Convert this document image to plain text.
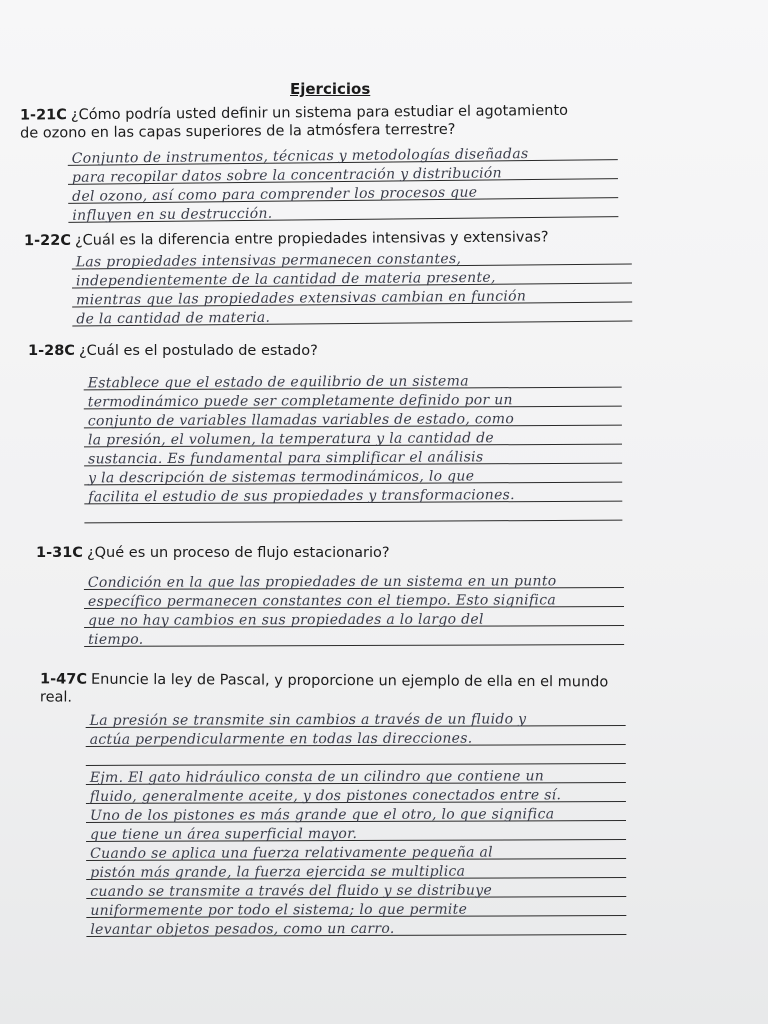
Ejercicios
1-21C ¿Cómo podría usted definir un sistema para estudiar el agotamiento
de ozono en las capas superiores de la atmósfera terrestre?
Conjunto de instrumentos, técnicas y metodologías diseñadas
para recopilar datos sobre la concentración y distribución
del ozono, así como para comprender los procesos que
influyen en su destrucción.
1-22C ¿Cuál es la diferencia entre propiedades intensivas y extensivas?
Las propiedades intensivas permanecen constantes,
independientemente de la cantidad de materia presente,
mientras que las propiedades extensivas cambian en función
de la cantidad de materia.
1-28C ¿Cuál es el postulado de estado?
Establece que el estado de equilibrio de un sistema
termodinámico puede ser completamente definido por un
conjunto de variables llamadas variables de estado, como
la presión, el volumen, la temperatura y la cantidad de
sustancia. Es fundamental para simplificar el análisis
y la descripción de sistemas termodinámicos, lo que
facilita el estudio de sus propiedades y transformaciones.
1-31C ¿Qué es un proceso de flujo estacionario?
Condición en la que las propiedades de un sistema en un punto
específico permanecen constantes con el tiempo. Esto significa
que no hay cambios en sus propiedades a lo largo del
tiempo.
1-47C Enuncie la ley de Pascal, y proporcione un ejemplo de ella en el mundo
real.
La presión se transmite sin cambios a través de un fluido y
actúa perpendicularmente en todas las direcciones.
Ejm. El gato hidráulico consta de un cilindro que contiene un
fluido, generalmente aceite, y dos pistones conectados entre sí.
Uno de los pistones es más grande que el otro, lo que significa
que tiene un área superficial mayor.
Cuando se aplica una fuerza relativamente pequeña al
pistón más grande, la fuerza ejercida se multiplica
cuando se transmite a través del fluido y se distribuye
uniformemente por todo el sistema; lo que permite
levantar objetos pesados, como un carro.
